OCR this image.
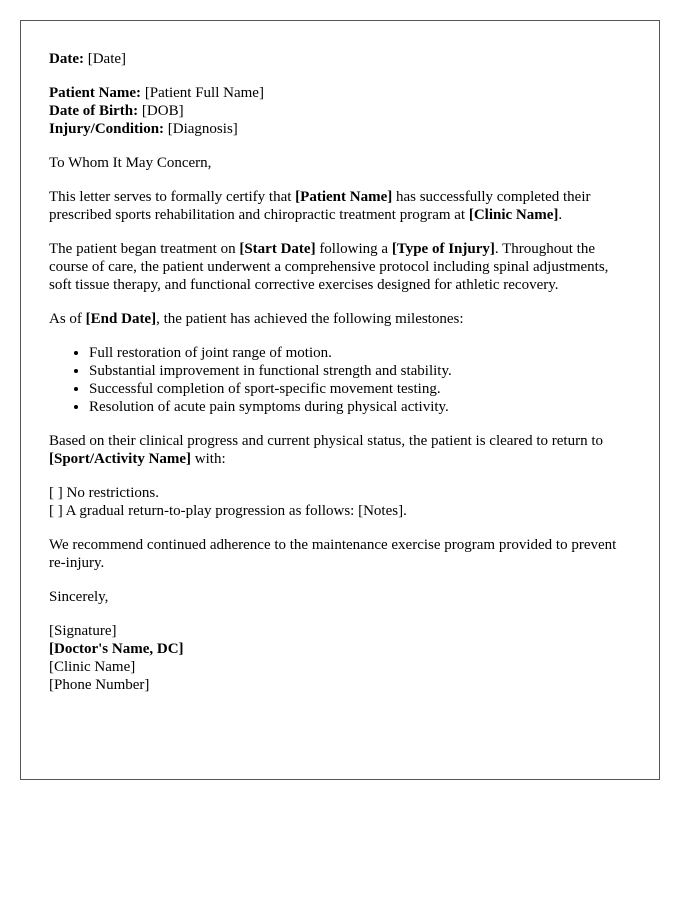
Date: [Date]
Patient Name: [Patient Full Name]
Date of Birth: [DOB]
Injury/Condition: [Diagnosis]

To Whom It May Concern,

This letter serves to formally certify that [Patient Name] has successfully completed their prescribed sports rehabilitation and chiropractic treatment program at [Clinic Name].

The patient began treatment on [Start Date] following a [Type of Injury]. Throughout the course of care, the patient underwent a comprehensive protocol including spinal adjustments, soft tissue therapy, and functional corrective exercises designed for athletic recovery.

As of [End Date], the patient has achieved the following milestones:

• Full restoration of joint range of motion.
• Substantial improvement in functional strength and stability.
• Successful completion of sport-specific movement testing.
• Resolution of acute pain symptoms during physical activity.

Based on their clinical progress and current physical status, the patient is cleared to return to [Sport/Activity Name] with:

[ ] No restrictions.
[ ] A gradual return-to-play progression as follows: [Notes].

We recommend continued adherence to the maintenance exercise program provided to prevent re-injury.

Sincerely,

[Signature]
[Doctor's Name, DC]
[Clinic Name]
[Phone Number]
